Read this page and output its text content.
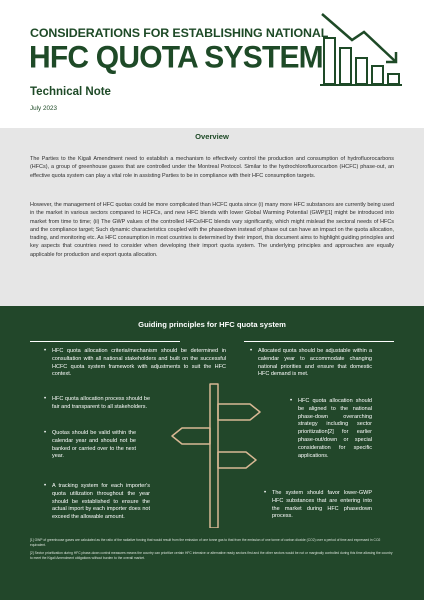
CONSIDERATIONS FOR ESTABLISHING NATIONAL
HFC QUOTA SYSTEM
Technical Note
July 2023
Overview

The Parties to the Kigali Amendment need to establish a mechanism to effectively control the production and consumption of hydrofluorocarbons (HFCs), a group of greenhouse gases that are controlled under the Montreal Protocol. Similar to the hydrochlorofluorocarbon (HCFC) phase-out, an effective quota system can play a vital role in assisting Parties to be in compliance with their HFC consumption targets.

However, the management of HFC quotas could be more complicated than HCFC quota since (i) many more HFC substances are currently being used in the market in various sectors compared to HCFCs, and new HFC blends with lower Global Warming Potential (GWP)[1] might be introduced into market from time to time; (ii) The GWP values of the controlled HFCs/HFC blends vary significantly, which might mislead the sectoral needs of HFCs and the compliance target; Such dynamic characteristics coupled with the phasedown instead of phase out can have an impact on the quota allocation, trading, and monitoring etc. As HFC consumption in most countries is determined by their import, this document aims to highlight guiding principles and key aspects that countries need to consider when developing their import quota system. The underlying principles and approaches are equally applicable for production and export quota allocation.

Guiding principles for HFC quota system
• HFC quota allocation criteria/mechanism should be determined in consultation with all national stakeholders and built on the successful HCFC quota system framework with adjustments to suit the HFC context.
• HFC quota allocation process should be fair and transparent to all stakeholders.
• Quotas should be valid within the calendar year and should not be banked or carried over to the next year.
• A tracking system for each importer's quota utilization throughout the year should be established to ensure the actual import by each importer does not exceed the allowable amount.
• Allocated quota should be adjustable within a calendar year to accommodate changing national priorities and ensure that domestic HFC demand is met.
• HFC quota allocation should be aligned to the national phase-down overarching strategy including sector prioritization[2] for earlier phase-out/down or special consideration for specific applications.
• The system should favor lower-GWP HFC substances that are entering into the market during HFC phasedown process.

[1] GWP of greenhouse gases are calculated as the ratio of the radiative forcing that would result from the emission of one tonne gas to that from the emission of one tonne of carbon dioxide (CO2) over a period of time and expressed in CO2 equivalent.

[2] Sector prioritization during HFC phase-down control measures means the country can prioritize certain HFC intensive or alternative ready sectors first and the other sectors would be not or marginally controlled during this time allowing the country to meet the Kigali Amendment obligations without burden to the overall market.
